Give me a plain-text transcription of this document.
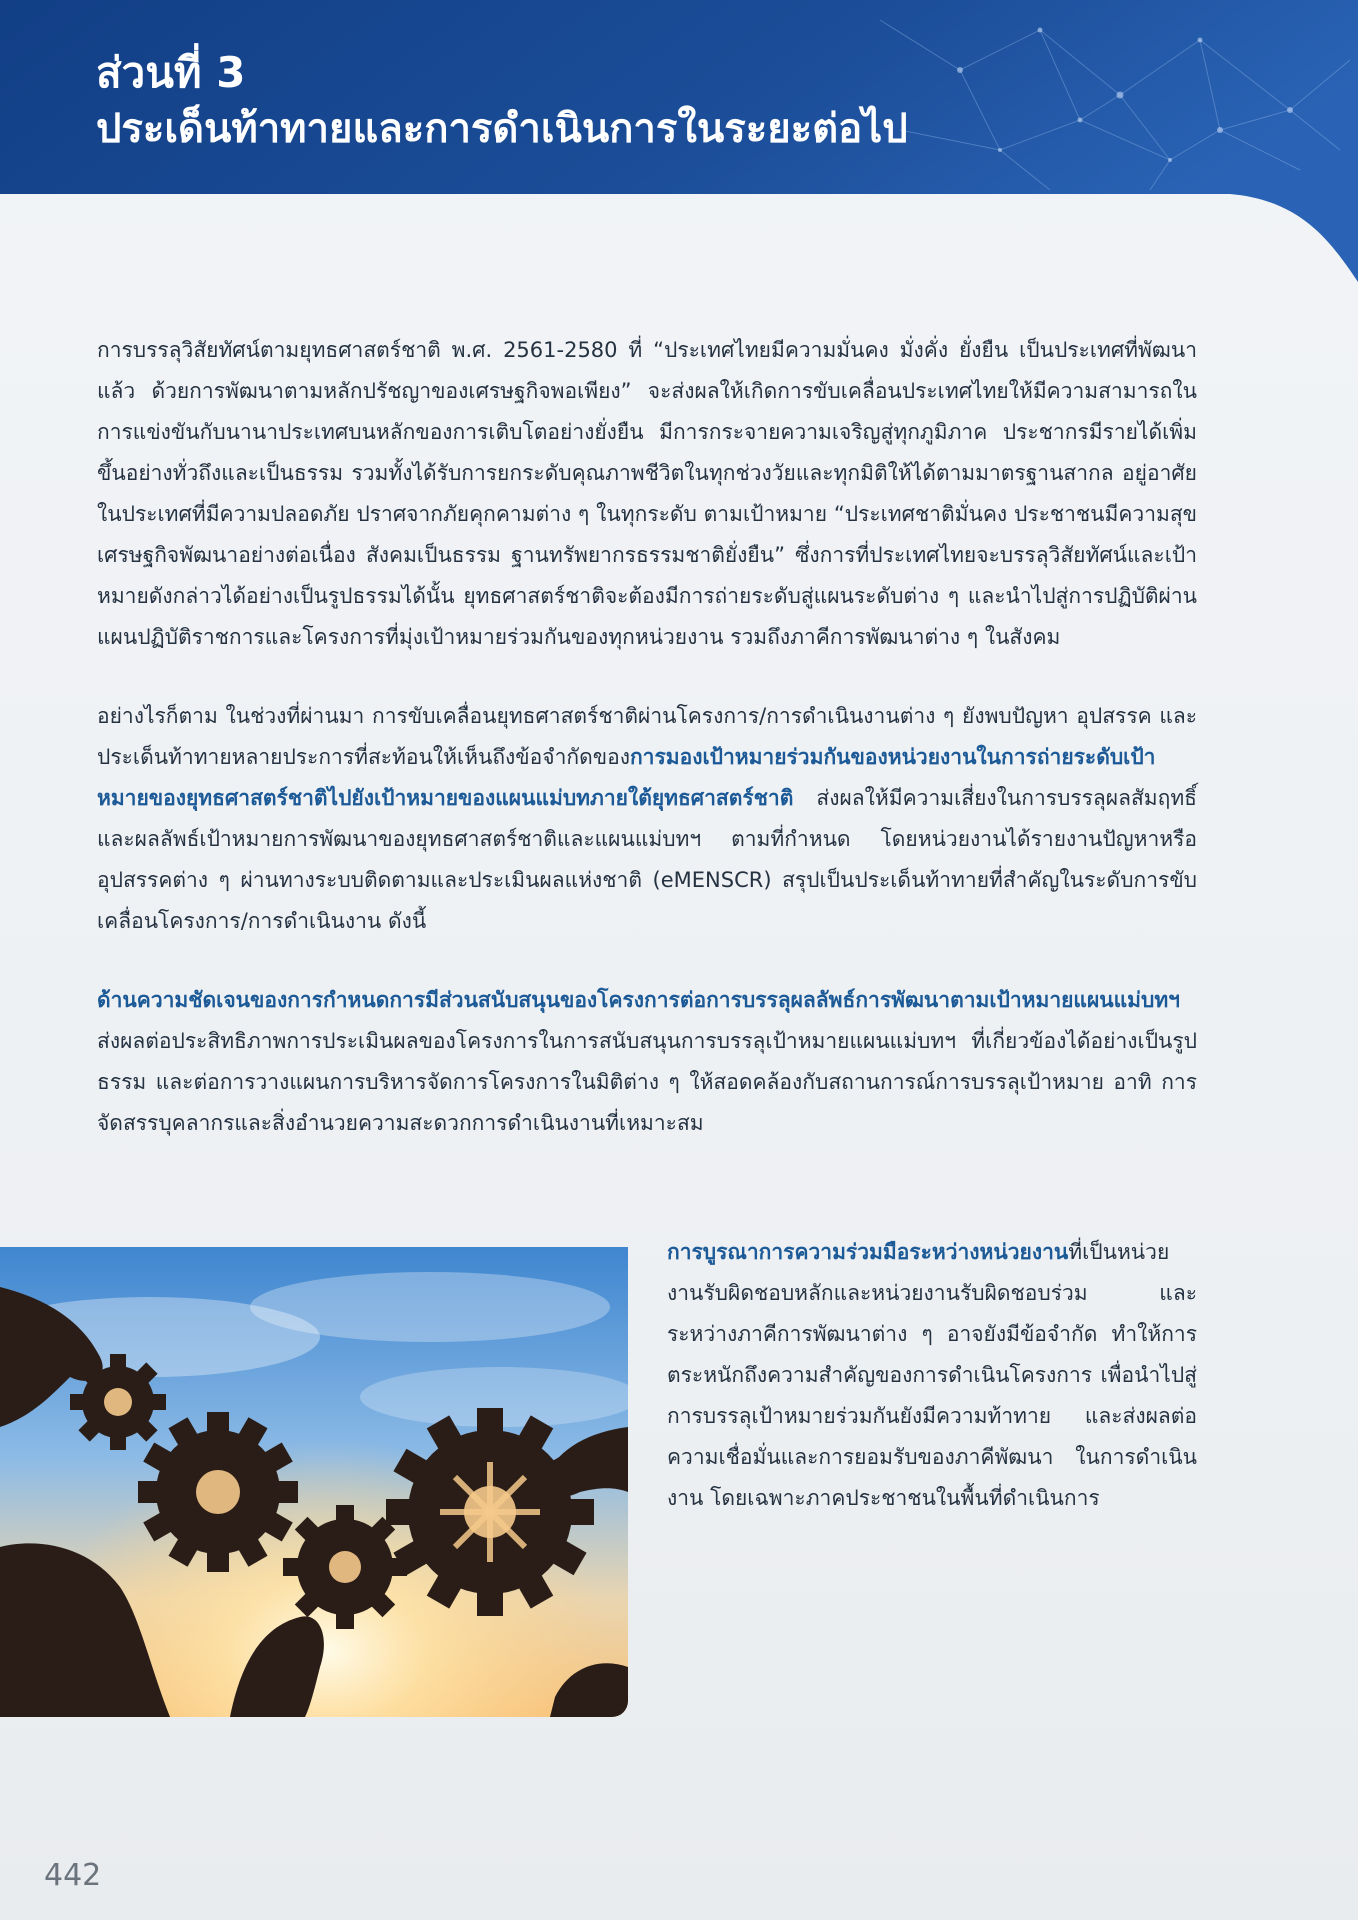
ส่วนที่ 3
ประเด็นท้าทายและการดำเนินการในระยะต่อไป

การบรรลุวิสัยทัศน์ตามยุทธศาสตร์ชาติ พ.ศ. 2561-2580 ที่ “ประเทศไทยมีความมั่นคง มั่งคั่ง ยั่งยืน เป็นประเทศที่พัฒนาแล้ว ด้วยการพัฒนาตามหลักปรัชญาของเศรษฐกิจพอเพียง” จะส่งผลให้เกิดการขับเคลื่อนประเทศไทยให้มีความสามารถในการแข่งขันกับนานาประเทศบนหลักของการเติบโตอย่างยั่งยืน มีการกระจายความเจริญสู่ทุกภูมิภาค ประชากรมีรายได้เพิ่มขึ้นอย่างทั่วถึงและเป็นธรรม รวมทั้งได้รับการยกระดับคุณภาพชีวิตในทุกช่วงวัยและทุกมิติให้ได้ตามมาตรฐานสากล อยู่อาศัยในประเทศที่มีความปลอดภัย ปราศจากภัยคุกคามต่าง ๆ ในทุกระดับ ตามเป้าหมาย “ประเทศชาติมั่นคง ประชาชนมีความสุข เศรษฐกิจพัฒนาอย่างต่อเนื่อง สังคมเป็นธรรม ฐานทรัพยากรธรรมชาติยั่งยืน” ซึ่งการที่ประเทศไทยจะบรรลุวิสัยทัศน์และเป้าหมายดังกล่าวได้อย่างเป็นรูปธรรมได้นั้น ยุทธศาสตร์ชาติจะต้องมีการถ่ายระดับสู่แผนระดับต่าง ๆ และนำไปสู่การปฏิบัติผ่านแผนปฏิบัติราชการและโครงการที่มุ่งเป้าหมายร่วมกันของทุกหน่วยงาน รวมถึงภาคีการพัฒนาต่าง ๆ ในสังคม

อย่างไรก็ตาม ในช่วงที่ผ่านมา การขับเคลื่อนยุทธศาสตร์ชาติผ่านโครงการ/การดำเนินงานต่าง ๆ ยังพบปัญหา อุปสรรค และประเด็นท้าทายหลายประการที่สะท้อนให้เห็นถึงข้อจำกัดของการมองเป้าหมายร่วมกันของหน่วยงานในการถ่ายระดับเป้าหมายของยุทธศาสตร์ชาติไปยังเป้าหมายของแผนแม่บทภายใต้ยุทธศาสตร์ชาติ ส่งผลให้มีความเสี่ยงในการบรรลุผลสัมฤทธิ์และผลลัพธ์เป้าหมายการพัฒนาของยุทธศาสตร์ชาติและแผนแม่บทฯ ตามที่กำหนด โดยหน่วยงานได้รายงานปัญหาหรืออุปสรรคต่าง ๆ ผ่านทางระบบติดตามและประเมินผลแห่งชาติ (eMENSCR) สรุปเป็นประเด็นท้าทายที่สำคัญในระดับการขับเคลื่อนโครงการ/การดำเนินงาน ดังนี้

ด้านความชัดเจนของการกำหนดการมีส่วนสนับสนุนของโครงการต่อการบรรลุผลลัพธ์การพัฒนาตามเป้าหมายแผนแม่บทฯ ส่งผลต่อประสิทธิภาพการประเมินผลของโครงการในการสนับสนุนการบรรลุเป้าหมายแผนแม่บทฯ ที่เกี่ยวข้องได้อย่างเป็นรูปธรรม และต่อการวางแผนการบริหารจัดการโครงการในมิติต่าง ๆ ให้สอดคล้องกับสถานการณ์การบรรลุเป้าหมาย อาทิ การจัดสรรบุคลากรและสิ่งอำนวยความสะดวกการดำเนินงานที่เหมาะสม

การบูรณาการความร่วมมือระหว่างหน่วยงานที่เป็นหน่วยงานรับผิดชอบหลักและหน่วยงานรับผิดชอบร่วม และระหว่างภาคีการพัฒนาต่าง ๆ อาจยังมีข้อจำกัด ทำให้การตระหนักถึงความสำคัญของการดำเนินโครงการ เพื่อนำไปสู่การบรรลุเป้าหมายร่วมกันยังมีความท้าทาย และส่งผลต่อความเชื่อมั่นและการยอมรับของภาคีพัฒนา ในการดำเนินงาน โดยเฉพาะภาคประชาชนในพื้นที่ดำเนินการ

442
